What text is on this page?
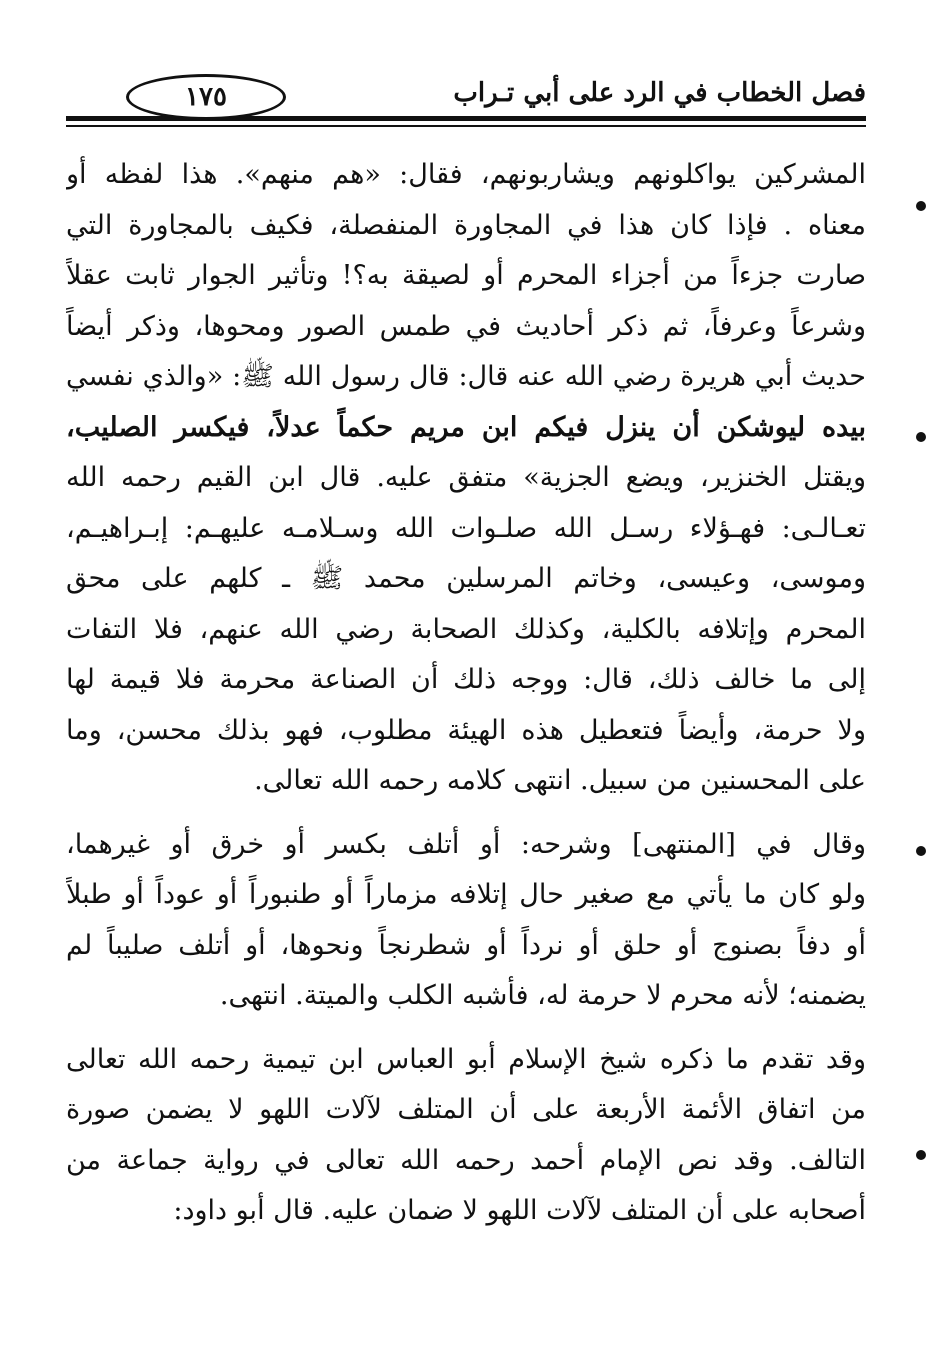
فصل الخطاب في الرد على أبي تـراب
١٧٥
المشركين يواكلونهم ويشاربونهم، فقال: «هم منهم». هذا لفظه أو
معناه . فإذا كان هذا في المجاورة المنفصلة، فكيف بالمجاورة التي
صارت جزءاً من أجزاء المحرم أو لصيقة به؟! وتأثير الجوار ثابت عقلاً
وشرعاً وعرفاً، ثم ذكر أحاديث في طمس الصور ومحوها، وذكر أيضاً
حديث أبي هريرة رضي الله عنه قال: قال رسول الله ﷺ: «والذي نفسي
بيده ليوشكن أن ينزل فيكم ابن مريم حكماً عدلاً، فيكسر الصليب،
ويقتل الخنزير، ويضع الجزية» متفق عليه. قال ابن القيم رحمه الله
تعـالـى: فهـؤلاء رسـل الله صلـوات الله وسـلامـه عليهـم: إبـراهيـم،
وموسى، وعيسى، وخاتم المرسلين محمد ﷺ ـ كلهم على محق
المحرم وإتلافه بالكلية، وكذلك الصحابة رضي الله عنهم، فلا التفات
إلى ما خالف ذلك، قال: ووجه ذلك أن الصناعة محرمة فلا قيمة لها
ولا حرمة، وأيضاً فتعطيل هذه الهيئة مطلوب، فهو بذلك محسن، وما
على المحسنين من سبيل. انتهى كلامه رحمه الله تعالى.
وقال في [المنتهى] وشرحه: أو أتلف بكسر أو خرق أو غيرهما،
ولو كان ما يأتي مع صغير حال إتلافه مزماراً أو طنبوراً أو عوداً أو طبلاً
أو دفاً بصنوج أو حلق أو نرداً أو شطرنجاً ونحوها، أو أتلف صليباً لم
يضمنه؛ لأنه محرم لا حرمة له، فأشبه الكلب والميتة. انتهى.
وقد تقدم ما ذكره شيخ الإسلام أبو العباس ابن تيمية رحمه الله تعالى
من اتفاق الأئمة الأربعة على أن المتلف لآلات اللهو لا يضمن صورة
التالف. وقد نص الإمام أحمد رحمه الله تعالى في رواية جماعة من
أصحابه على أن المتلف لآلات اللهو لا ضمان عليه. قال أبو داود:
